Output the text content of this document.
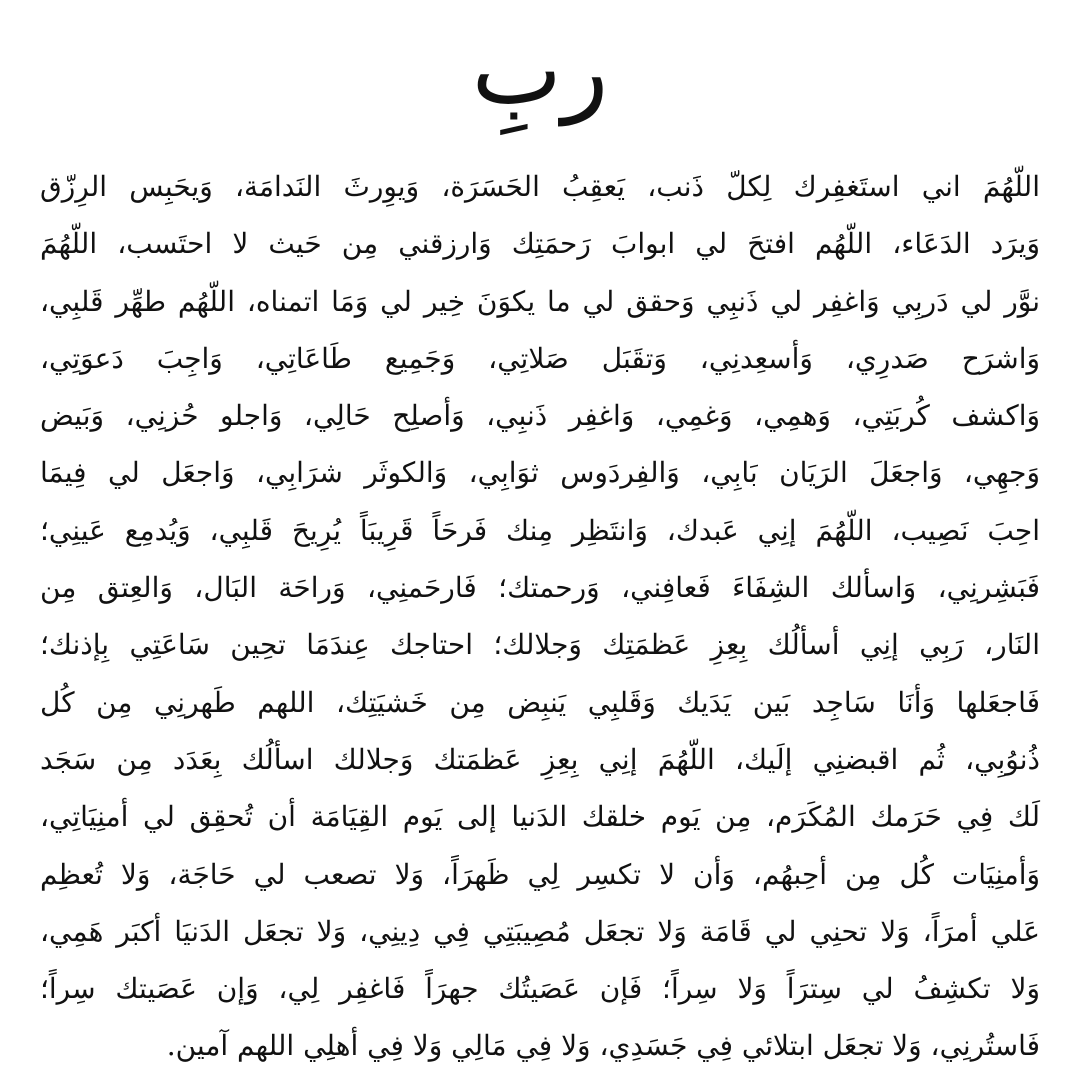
ربِ
اللّهُمَ اني استَغفِرك لِكلّ ذَنب، يَعقِبُ الحَسَرَة، وَيوِرثَ النَدامَة، وَيحَبِس الرِزّق
وَيرَد الدَعَاء، اللّهُم افتحَ لي ابوابَ رَحمَتِك وَارزقني مِن حَيث لا احتَسب، اللّهُمَ
نوَّر لي دَربِي وَاغفِر لي ذَنبِي وَحقق لي ما يكوَنَ خِير لي وَمَا اتمناه، اللّهُم طهِّر قَلبِي،
وَاشرَح صَدرِي، وَأسعِدنِي، وَتقَبَل صَلاتِي، وَجَمِيع طَاعَاتِي، وَاجِبَ دَعوَتِي،
وَاكشف كُربَتِي، وَهمِي، وَغمِي، وَاغفِر ذَنبِي، وَأصلِح حَالِي، وَاجلو حُزنِي، وَبَيض
وَجهِي، وَاجعَلَ الرَيَان بَابِي، وَالفِردَوس ثوَابِي، وَالكوثَر شرَابِي، وَاجعَل لي فِيمَا
احِبَ نَصِيب، اللّهُمَ إنِي عَبدك، وَانتَظِر مِنك فَرحَاً قَرِيبَاً يُرِيحَ قَلبِي، وَيُدمِع عَينِي؛
فَبَشِرنِي، وَاسألك الشِفَاءَ فَعافِني، وَرحمتك؛ فَارحَمنِي، وَراحَة البَال، وَالعِتق مِن
النَار، رَبِي إنِي أسألُك بِعِزِ عَظمَتِك وَجلالك؛ احتاجك عِندَمَا تحِين سَاعَتِي بِإذنك؛
فَاجعَلها وَأنَا سَاجِد بَين يَدَيك وَقَلبِي يَنبِض مِن خَشيَتِك، اللهم طَهرنِي مِن كُل
ذُنوُبِي، ثُم اقبضنِي إلَيك، اللّهُمَ إنِي بِعِزِ عَظمَتك وَجلالك اسألُك بِعَدَد مِن سَجَد
لَك فِي حَرَمك المُكَرَم، مِن يَوم خلقك الدَنيا إلى يَوم القِيَامَة أن تُحقِق لي أمنِيَاتِي،
وَأمنِيَات كُل مِن أحِبهُم، وَأن لا تكسِر لِي ظَهرَاً، وَلا تصعب لي حَاجَة، وَلا تُعظِم
عَلي أمرَاً، وَلا تحنِي لي قَامَة وَلا تجعَل مُصِيبَتِي فِي دِينِي، وَلا تجعَل الدَنيَا أكبَر هَمِي،
وَلا تكشِفُ لي سِترَاً وَلا سِراً؛ فَإن عَصَيتُك جهرَاً فَاغفِر لِي، وَإن عَصَيتك سِراً؛
فَاستُرنِي، وَلا تجعَل ابتلائي فِي جَسَدِي، وَلا فِي مَالِي وَلا فِي أهلِي اللهم آمين.
